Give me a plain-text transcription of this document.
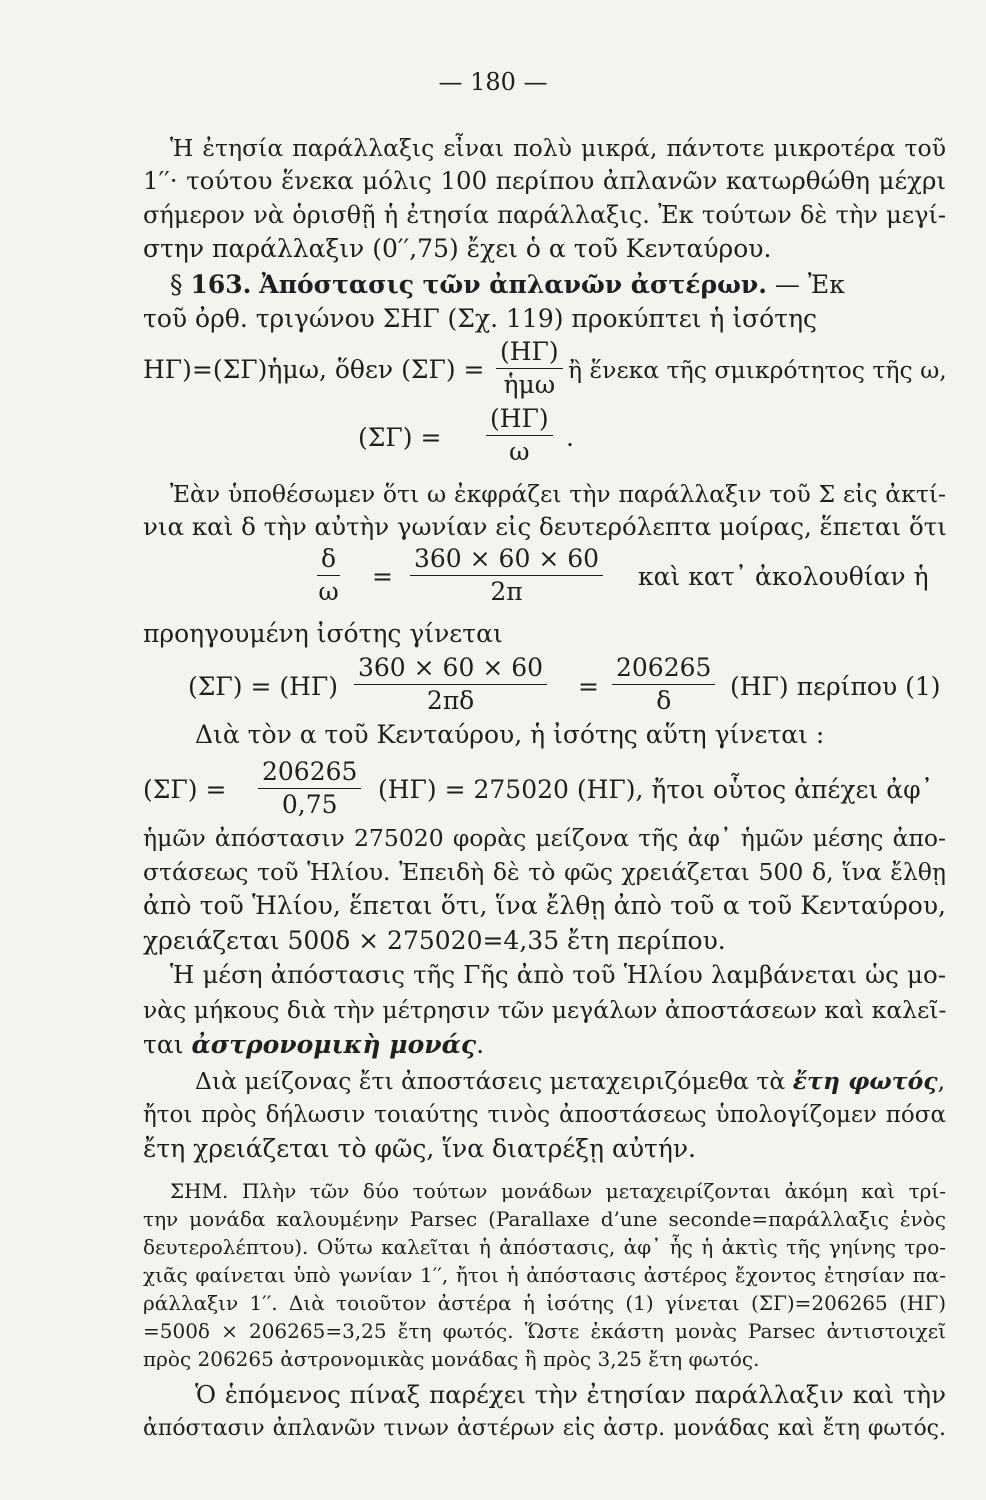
— 180 —
Ἡ ἐτησία παράλλαξις εἶναι πολὺ μικρά, πάντοτε μικροτέρα τοῦ
1′′· τούτου ἕνεκα μόλις 100 περίπου ἀπλανῶν κατωρθώθη μέχρι
σήμερον νὰ ὁρισθῇ ἡ ἐτησία παράλλαξις. Ἐκ τούτων δὲ τὴν μεγί-
στην παράλλαξιν (0′′,75) ἔχει ὁ α τοῦ Κενταύρου.
§ 163. Ἀπόστασις τῶν ἀπλανῶν ἀστέρων. — Ἐκ
τοῦ ὀρθ. τριγώνου ΣΗΓ (Σχ. 119) προκύπτει ἡ ἰσότης
ΗΓ)=(ΣΓ)ἡμω, ὅθεν (ΣΓ) =
(ΗΓ)
ἡμω ἢ ἕνεκα τῆς σμικρότητος τῆς ω,
$(\Sigma\Gamma) = \frac{(H\Gamma)}{\omega}$ .
Ἐὰν ὑποθέσωμεν ὅτι ω ἐκφράζει τὴν παράλλαξιν τοῦ Σ εἰς ἀκτί-
νια καὶ δ τὴν αὐτὴν γωνίαν εἰς δευτερόλεπτα μοίρας, ἕπεται ὅτι
$\frac{\delta}{\omega} = \frac{360 \times 60 \times 60}{2\pi}$ καὶ κατ᾽ ἀκολουθίαν ἡ
προηγουμένη ἰσότης γίνεται
$(\Sigma\Gamma) = (H\Gamma) \frac{360 \times 60 \times 60}{2\pi\delta} = \frac{206265}{\delta} (H\Gamma)$ περίπου (1)
Διὰ τὸν α τοῦ Κενταύρου, ἡ ἰσότης αὕτη γίνεται :
$(\Sigma\Gamma) = \frac{206265}{0,75} (H\Gamma) = 275020$ (ΗΓ), ἤτοι οὗτος ἀπέχει ἀφ᾽
ἡμῶν ἀπόστασιν 275020 φορὰς μείζονα τῆς ἀφ᾽ ἡμῶν μέσης ἀπο-
στάσεως τοῦ Ἡλίου. Ἐπειδὴ δὲ τὸ φῶς χρειάζεται 500 δ, ἵνα ἔλθῃ
ἀπὸ τοῦ Ἡλίου, ἕπεται ὅτι, ἵνα ἔλθῃ ἀπὸ τοῦ α τοῦ Κενταύρου,
χρειάζεται 500δ × 275020=4,35 ἔτη περίπου.
Ἡ μέση ἀπόστασις τῆς Γῆς ἀπὸ τοῦ Ἡλίου λαμβάνεται ὡς μο-
νὰς μήκους διὰ τὴν μέτρησιν τῶν μεγάλων ἀποστάσεων καὶ καλεῖ-
ται ἀστρονομικὴ μονάς.
Διὰ μείζονας ἔτι ἀποστάσεις μεταχειριζόμεθα τὰ ἔτη φωτός,
ἤτοι πρὸς δήλωσιν τοιαύτης τινὸς ἀποστάσεως ὑπολογίζομεν πόσα
ἔτη χρειάζεται τὸ φῶς, ἵνα διατρέξῃ αὐτήν.
ΣΗΜ. Πλὴν τῶν δύο τούτων μονάδων μεταχειρίζονται ἀκόμη καὶ τρί-
την μονάδα καλουμένην Parsec (Parallaxe d’une seconde=παράλλαξις ἑνὸς
δευτερολέπτου). Οὕτω καλεῖται ἡ ἀπόστασις, ἀφ᾽ ἧς ἡ ἀκτὶς τῆς γηίνης τρο-
χιᾶς φαίνεται ὑπὸ γωνίαν 1′′, ἤτοι ἡ ἀπόστασις ἀστέρος ἔχοντος ἐτησίαν πα-
ράλλαξιν 1′′. Διὰ τοιοῦτον ἀστέρα ἡ ἰσότης (1) γίνεται (ΣΓ)=206265 (ΗΓ)
=500δ × 206265=3,25 ἔτη φωτός. Ὥστε ἑκάστη μονὰς Parsec ἀντιστοιχεῖ
πρὸς 206265 ἀστρονομικὰς μονάδας ἢ πρὸς 3,25 ἔτη φωτός.
Ὁ ἑπόμενος πίναξ παρέχει τὴν ἐτησίαν παράλλαξιν καὶ τὴν
ἀπόστασιν ἀπλανῶν τινων ἀστέρων εἰς ἀστρ. μονάδας καὶ ἔτη φωτός.
